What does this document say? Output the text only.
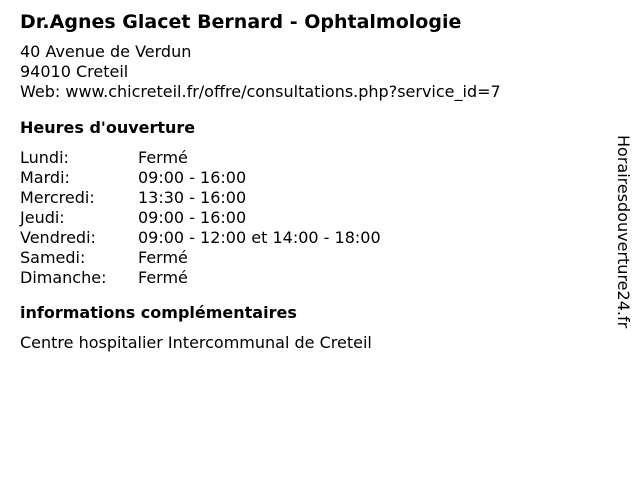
Dr.Agnes Glacet Bernard - Ophtalmologie
40 Avenue de Verdun
94010 Creteil
Web: www.chicreteil.fr/offre/consultations.php?service_id=7
Heures d'ouverture
Lundi:	Fermé
Mardi:	09:00 - 16:00
Mercredi:	13:30 - 16:00
Jeudi:	09:00 - 16:00
Vendredi:	09:00 - 12:00 et 14:00 - 18:00
Samedi:	Fermé
Dimanche:	Fermé
informations complémentaires
Centre hospitalier Intercommunal de Creteil
Horairesdouverture24.fr
